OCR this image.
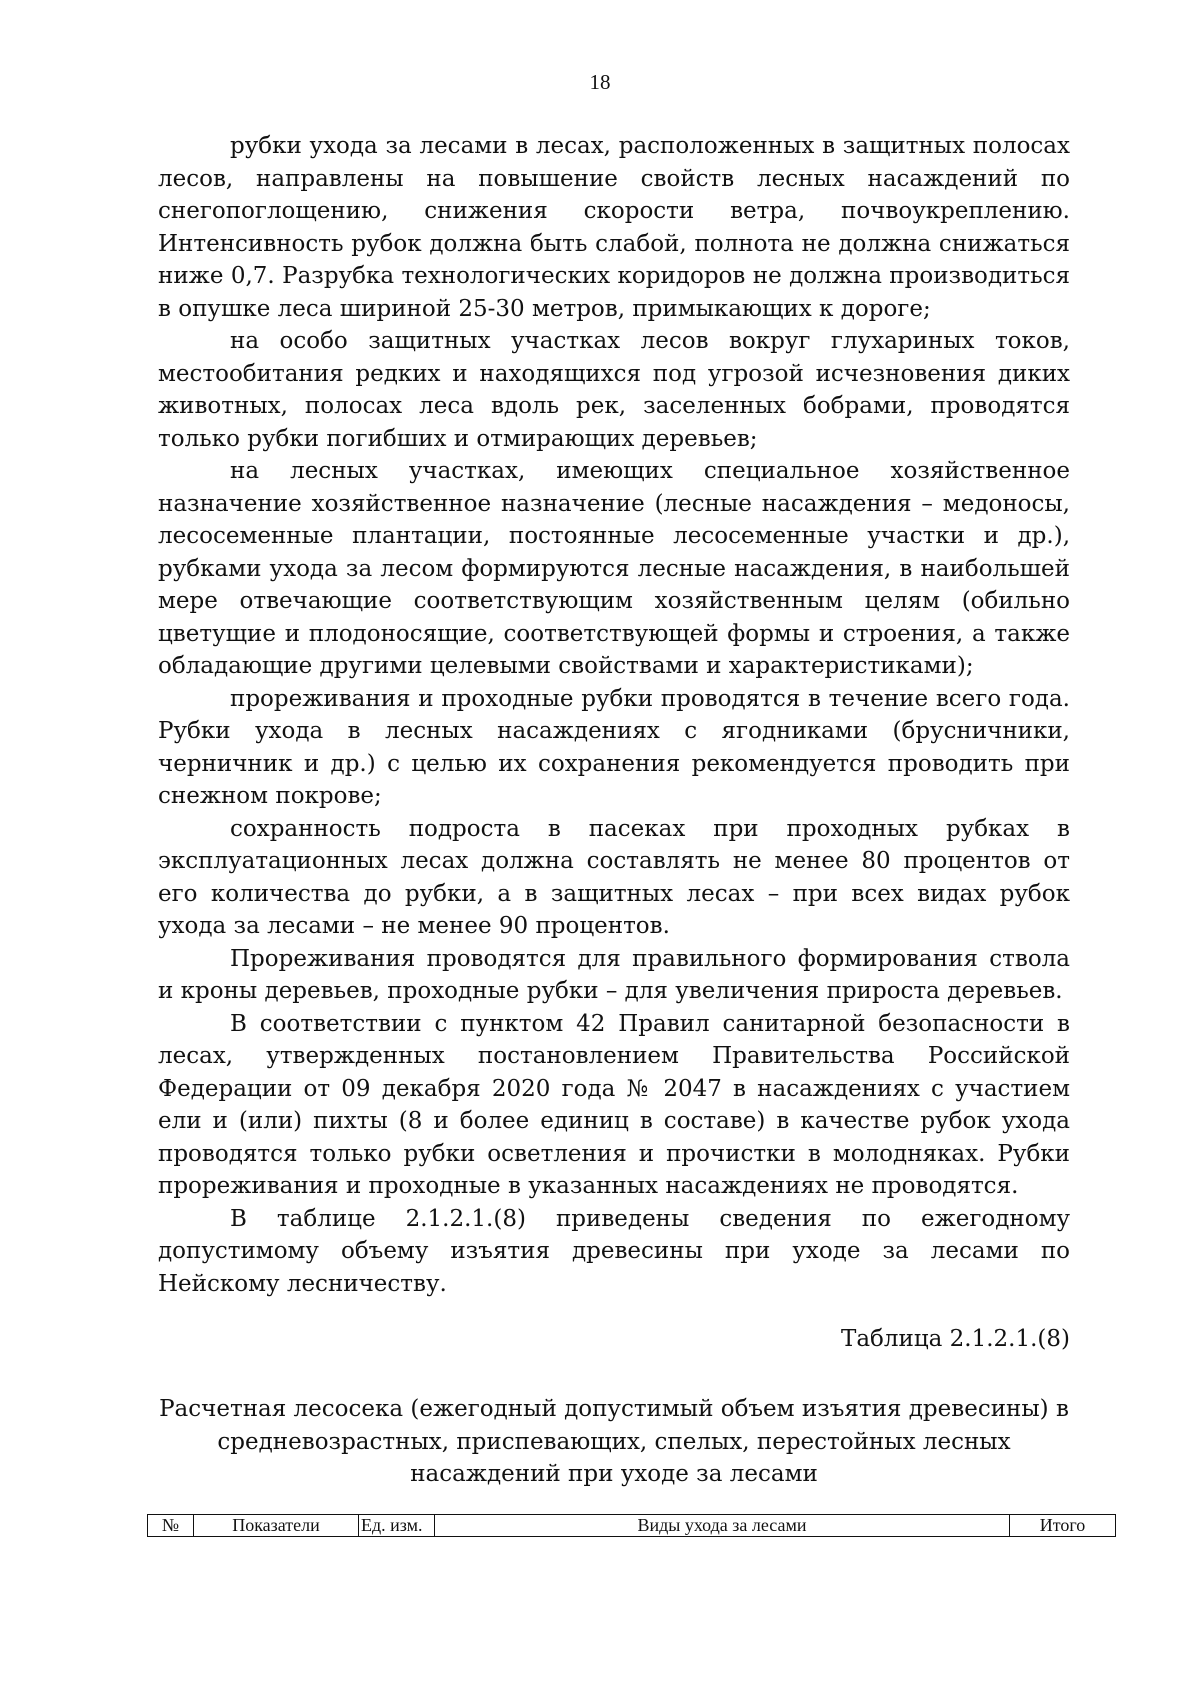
18

рубки ухода за лесами в лесах, расположенных в защитных полосах лесов, направлены на повышение свойств лесных насаждений по снегопоглощению, снижения скорости ветра, почвоукреплению. Интенсивность рубок должна быть слабой, полнота не должна снижаться ниже 0,7. Разрубка технологических коридоров не должна производиться в опушке леса шириной 25-30 метров, примыкающих к дороге;

на особо защитных участках лесов вокруг глухариных токов, местообитания редких и находящихся под угрозой исчезновения диких животных, полосах леса вдоль рек, заселенных бобрами, проводятся только рубки погибших и отмирающих деревьев;

на лесных участках, имеющих специальное хозяйственное назначение хозяйственное назначение (лесные насаждения – медоносы, лесосеменные плантации, постоянные лесосеменные участки и др.), рубками ухода за лесом формируются лесные насаждения, в наибольшей мере отвечающие соответствующим хозяйственным целям (обильно цветущие и плодоносящие, соответствующей формы и строения, а также обладающие другими целевыми свойствами и характеристиками);

прореживания и проходные рубки проводятся в течение всего года. Рубки ухода в лесных насаждениях с ягодниками (брусничники, черничник и др.) с целью их сохранения рекомендуется проводить при снежном покрове;

сохранность подроста в пасеках при проходных рубках в эксплуатационных лесах должна составлять не менее 80 процентов от его количества до рубки, а в защитных лесах – при всех видах рубок ухода за лесами – не менее 90 процентов.

Прореживания проводятся для правильного формирования ствола и кроны деревьев, проходные рубки – для увеличения прироста деревьев.

В соответствии с пунктом 42 Правил санитарной безопасности в лесах, утвержденных постановлением Правительства Российской Федерации от 09 декабря 2020 года № 2047 в насаждениях с участием ели и (или) пихты (8 и более единиц в составе) в качестве рубок ухода проводятся только рубки осветления и прочистки в молодняках. Рубки прореживания и проходные в указанных насаждениях не проводятся.

В таблице 2.1.2.1.(8) приведены сведения по ежегодному допустимому объему изъятия древесины при уходе за лесами по Нейскому лесничеству.

Таблица 2.1.2.1.(8)
Расчетная лесосека (ежегодный допустимый объем изъятия древесины) в
средневозрастных, приспевающих, спелых, перестойных лесных
насаждений при уходе за лесами
№	Показатели	Ед. изм.	Виды ухода за лесами	Итого
